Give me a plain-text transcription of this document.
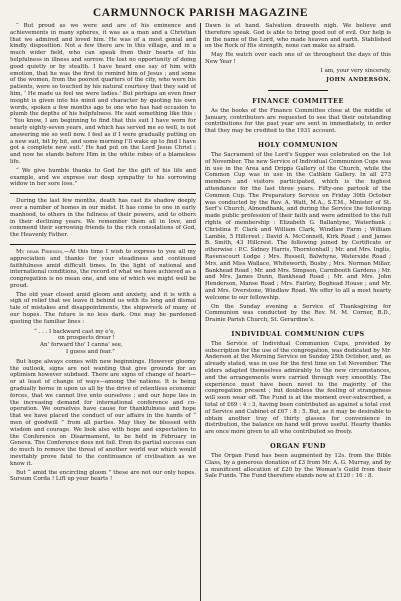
CARMUNNOCK PARISH MAGAZINE

“ But proud as we were and are of his eminence and achievements in many spheres, it was as a man and a Christian that we admired and loved him. He was of a most genial and kindly disposition. Not a few there are in this village, and in a much wider field, who can speak from their hearts of his helpfulness in illness and sorrow. He lost no opportunity of doing good quietly or by stealth. I have heard one say of him with emotion, that he was the first to remind him of Jesus ; and some of the women, from the poorest quarters of the city, who were his patients, were so touched by his natural courtesy that they said of him, ‘ He made us feel we were ladies.’ But perhaps an even finer insight is given into his mind and character by quoting his own words, spoken a few months ago to one who has had occasion to plumb the depths of his helpfulness. He said something like this : ‘ You know, I am beginning to find that this suit I have worn for nearly eighty-seven years, and which has served me so well, is not answering me so well now. I feel as if I were gradually putting on a new suit, bit by bit, and some morning I’ll wake up to find I have got a complete new suit.’ He had put on the Lord Jesus Christ ; and now he stands before Him in the white robes of a blameless life.

“ We give humble thanks to God for the gift of his life and example, and we express our deep sympathy to his sorrowing widow in her sore loss.”

During the last few months, death has cast its shadow deeply over a number of homes in our midst. It has come to one in early manhood, to others in the fullness of their powers, and to others in their declining years. We remember them all in love, and commend their sorrowing friends to the rich consolations of God, the Heavenly Father.

My dear Friends,—At this time I wish to express to you all my appreciation and thanks for your steadiness and continued faithfulness amid difficult times. In the light of national and international conditions, the record of what we have achieved as a congregation is no mean one, and one of which we might well be proud.

The old year closed amid gloom and anxiety, and it is with a sigh of relief that we leave it behind us with its long and dismal tale of mistakes and disappointments, the shipwreck of many of our hopes. The future is no less dark. One may be pardoned quoting the familiar lines :

“ . . . I backward cast my e’e,

on prospects drear !

An’ forward tho’ I canna’ see,

I guess and fear.”

But hope always comes with new beginnings. However gloomy the outlook, signs are not wanting that give grounds for an optimism however subdued. There are signs of change of heart—or at least of change of ways—among the nations. It is being gradually borne in upon us all by the drive of relentless economic forces, that we cannot live unto ourselves ; and our hope lies in the increasing demand for international conference and co-operation. We ourselves have cause for thankfulness and hope that we have placed the conduct of our affairs in the hands of “ men of goodwill ” from all parties. May they be blessed with wisdom and courage. We look also with hope and expectation to the Conference on Disarmament, to be held in February in Geneva. The Conference does not fail. Even its partial success can do much to remove the threat of another world war which would inevitably prove fatal to the continuance of civilisation as we know it.

But “ amid the encircling gloom ” these are not our only hopes. Sursum Corda ! Lift up your hearts !

Dawn is at hand. Salvation draweth nigh. We believe and therefore speak. God is able to bring good out of evil. Our help is in the name of the Lord, who made heaven and earth. Stablished on the Rock of His strength, none can make us afraid.

May He watch over each one of us throughout the days of this New Year !

I am, your very sincerely,
JOHN ANDERSON.
FINANCE COMMITTEE

As the books of the Finance Committee close at the middle of January, contributors are requested to see that their outstanding contributions for the past year are sent in immediately, in order that they may be credited to the 1931 account.

HOLY COMMUNION

The Sacrament of the Lord’s Supper was celebrated on the 1st of November. The new Service of Individual Communion Cups was in use in the Area and Dripps Gallery of the Church, while the Common Cup was in use in the Cathkin Gallery. In all 273 members and visitors participated, which is the highest attendance for the last three years. Fifty-one partook of the Common Cup. The Preparatory Service on Friday 30th October was conducted by the Rev. A. Watt, M.A., S.T.M., Minister of St. Serf’s Church, Almondbank, and during the Service the following made public profession of their faith and were admitted to the full rights of membership : Elizabeth G. Ballantyne, Waterbank ; Christina F. Clark and William Clark, Windlaw Farm ; William Lambie, 5 Hillcrest ; David A. McConnell, Kirk Road ; and James B. Smith, 43 Hillcrest. The following joined by Certificate or otherwise : P.C. Sidney Harris, Thorntonhall ; Mr. and Mrs. Inglis, Ravenscourt Lodge ; Mrs. Russell, Balwhyne, Waterside Road ; Mrs. and Miss Wallace, Whiteworth, Busby ; Mrs. Norman Millar, Bankhead Road ; Mr. and Mrs. Simpson, Carmbooth Gardens ; Mr. and Mrs. James Dunn, Bankhead Road ; Mr. and Mrs. John Henderson, Manse Road ; Mrs. Fairley, Boghead House ; and Mr. and Mrs. Overstone, Windlaw Road. We offer to all a most hearty welcome to our fellowship.

On the Sunday evening a Service of Thanksgiving for Communion was conducted by the Rev. M. M. Corner, B.D., Drainie Parish Church, St. Gerardine’s.

INDIVIDUAL COMMUNION CUPS

The Service of Individual Communion Cups, provided by subscription for the use of the congregation, was dedicated by Mr. Anderson at the Morning Service on Sunday 25th October, and, as already stated, was in use for the first time on 1st November. The elders adapted themselves admirably to the new circumstances, and the arrangements were carried through very smoothly. The experience must have been novel to the majority of the congregation present ; but doubtless the feeling of strangeness will soon wear off. The Fund is at the moment over-subscribed, a total of £69 : 4 : 3, having been contributed as against a total cost of Service and Cabinet of £67 : 8 : 5. But, as it may be desirable to obtain another tray of thirty glasses for convenience in distribution, the balance on hand will prove useful. Hearty thanks are once more given to all who contributed so freely.

ORGAN FUND

The Organ Fund has been augmented by 12s. from the Bible Class, by a generous donation of £3 from Mr. A. G. Murray, and by a munificent allocation of £20 by the Woman’s Guild from their Sale Funds. The Fund therefore stands now at £120 : 16 : 8.
